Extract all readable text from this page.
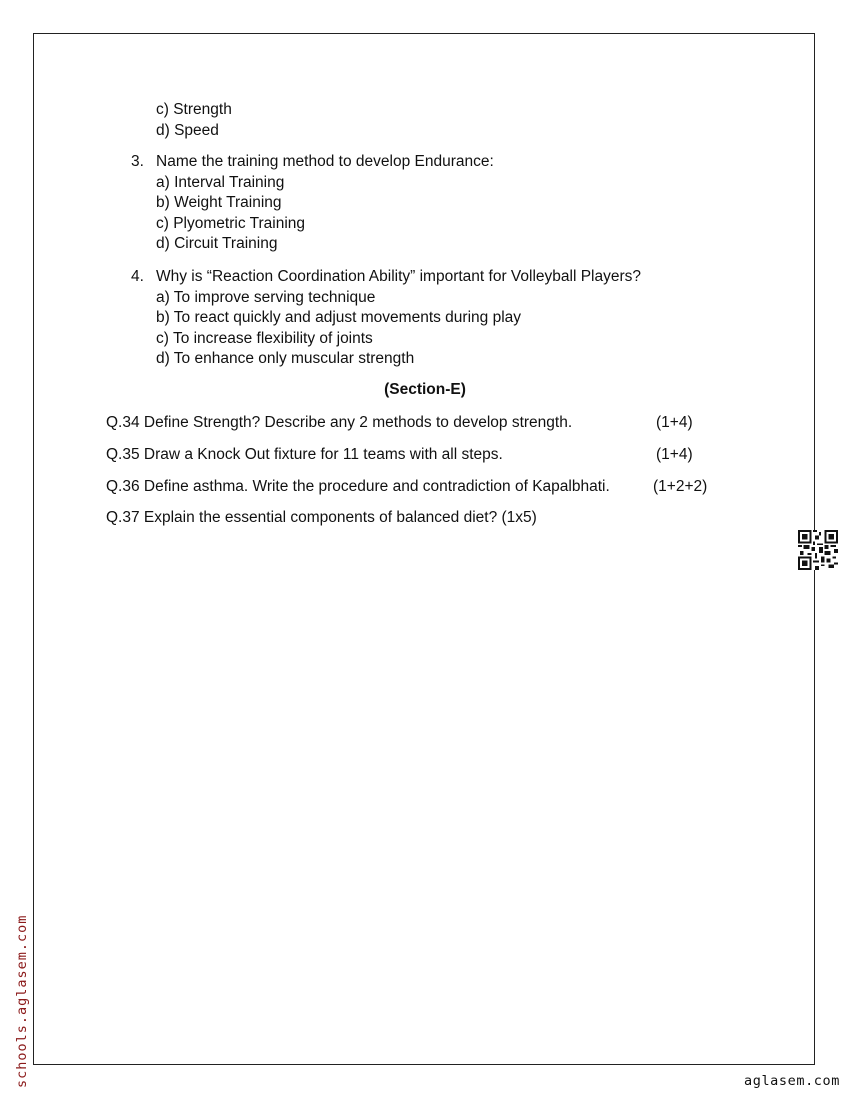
c) Strength
d) Speed
3. Name the training method to develop Endurance:
a) Interval Training
b) Weight Training
c) Plyometric Training
d) Circuit Training
4. Why is “Reaction Coordination Ability” important for Volleyball Players?
a) To improve serving technique
b) To react quickly and adjust movements during play
c) To increase flexibility of joints
d) To enhance only muscular strength
(Section-E)
Q.34 Define Strength? Describe any 2 methods to develop strength.	(1+4)
Q.35 Draw a Knock Out fixture for 11 teams with all steps.	(1+4)
Q.36 Define asthma. Write the procedure and contradiction of Kapalbhati.	(1+2+2)
Q.37 Explain the essential components of balanced diet? (1x5)
schools.aglasem.com	aglasem.com
